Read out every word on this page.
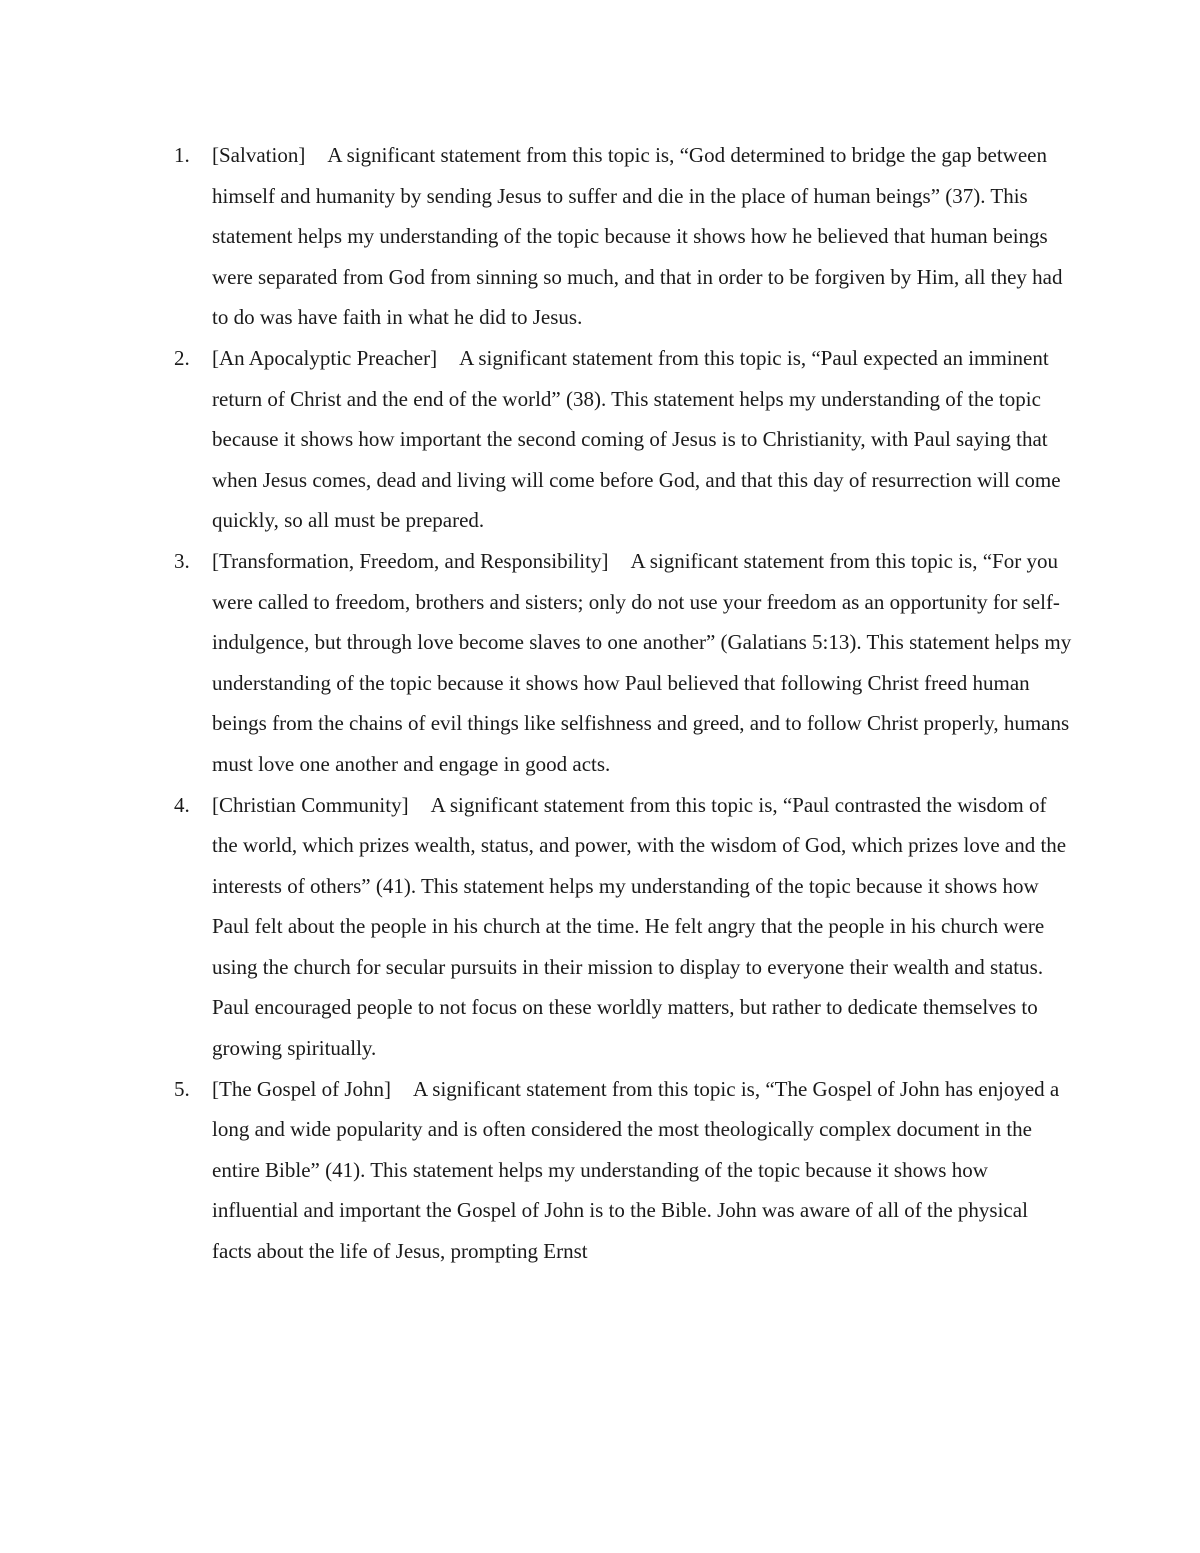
1.	[Salvation] A significant statement from this topic is, “God determined to bridge the gap between himself and humanity by sending Jesus to suffer and die in the place of human beings” (37). This statement helps my understanding of the topic because it shows how he believed that human beings were separated from God from sinning so much, and that in order to be forgiven by Him, all they had to do was have faith in what he did to Jesus.
2.	[An Apocalyptic Preacher] A significant statement from this topic is, “Paul expected an imminent return of Christ and the end of the world” (38). This statement helps my understanding of the topic because it shows how important the second coming of Jesus is to Christianity, with Paul saying that when Jesus comes, dead and living will come before God, and that this day of resurrection will come quickly, so all must be prepared.
3.	[Transformation, Freedom, and Responsibility] A significant statement from this topic is, “For you were called to freedom, brothers and sisters; only do not use your freedom as an opportunity for self-indulgence, but through love become slaves to one another” (Galatians 5:13). This statement helps my understanding of the topic because it shows how Paul believed that following Christ freed human beings from the chains of evil things like selfishness and greed, and to follow Christ properly, humans must love one another and engage in good acts.
4.	[Christian Community] A significant statement from this topic is, “Paul contrasted the wisdom of the world, which prizes wealth, status, and power, with the wisdom of God, which prizes love and the interests of others” (41). This statement helps my understanding of the topic because it shows how Paul felt about the people in his church at the time. He felt angry that the people in his church were using the church for secular pursuits in their mission to display to everyone their wealth and status. Paul encouraged people to not focus on these worldly matters, but rather to dedicate themselves to growing spiritually.
5.	[The Gospel of John] A significant statement from this topic is, “The Gospel of John has enjoyed a long and wide popularity and is often considered the most theologically complex document in the entire Bible” (41). This statement helps my understanding of the topic because it shows how influential and important the Gospel of John is to the Bible. John was aware of all of the physical facts about the life of Jesus, prompting Ernst
